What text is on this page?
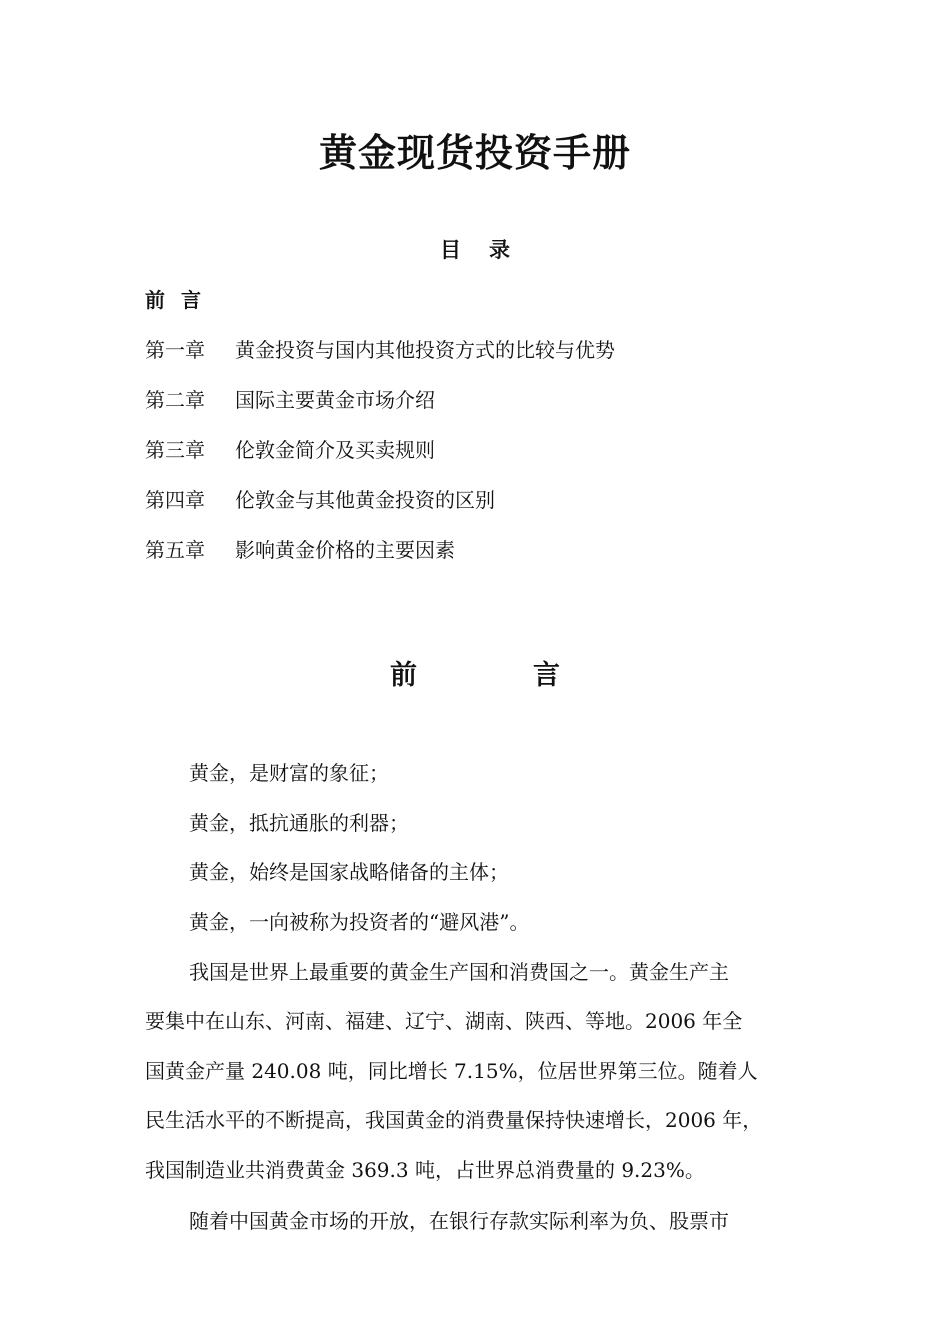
黄金现货投资手册
目 录
前 言
第一章 黄金投资与国内其他投资方式的比较与优势
第二章 国际主要黄金市场介绍
第三章 伦敦金简介及买卖规则
第四章 伦敦金与其他黄金投资的区别
第五章 影响黄金价格的主要因素
前	言
黄金，是财富的象征；
黄金，抵抗通胀的利器；
黄金，始终是国家战略储备的主体；
黄金，一向被称为投资者的“避风港”。
我国是世界上最重要的黄金生产国和消费国之一。黄金生产主
要集中在山东、河南、福建、辽宁、湖南、陕西、等地。2006 年全
国黄金产量 240.08 吨，同比增长 7.15%，位居世界第三位。随着人
民生活水平的不断提高，我国黄金的消费量保持快速增长，2006 年，
我国制造业共消费黄金 369.3 吨，占世界总消费量的 9.23%。
随着中国黄金市场的开放，在银行存款实际利率为负、股票市
